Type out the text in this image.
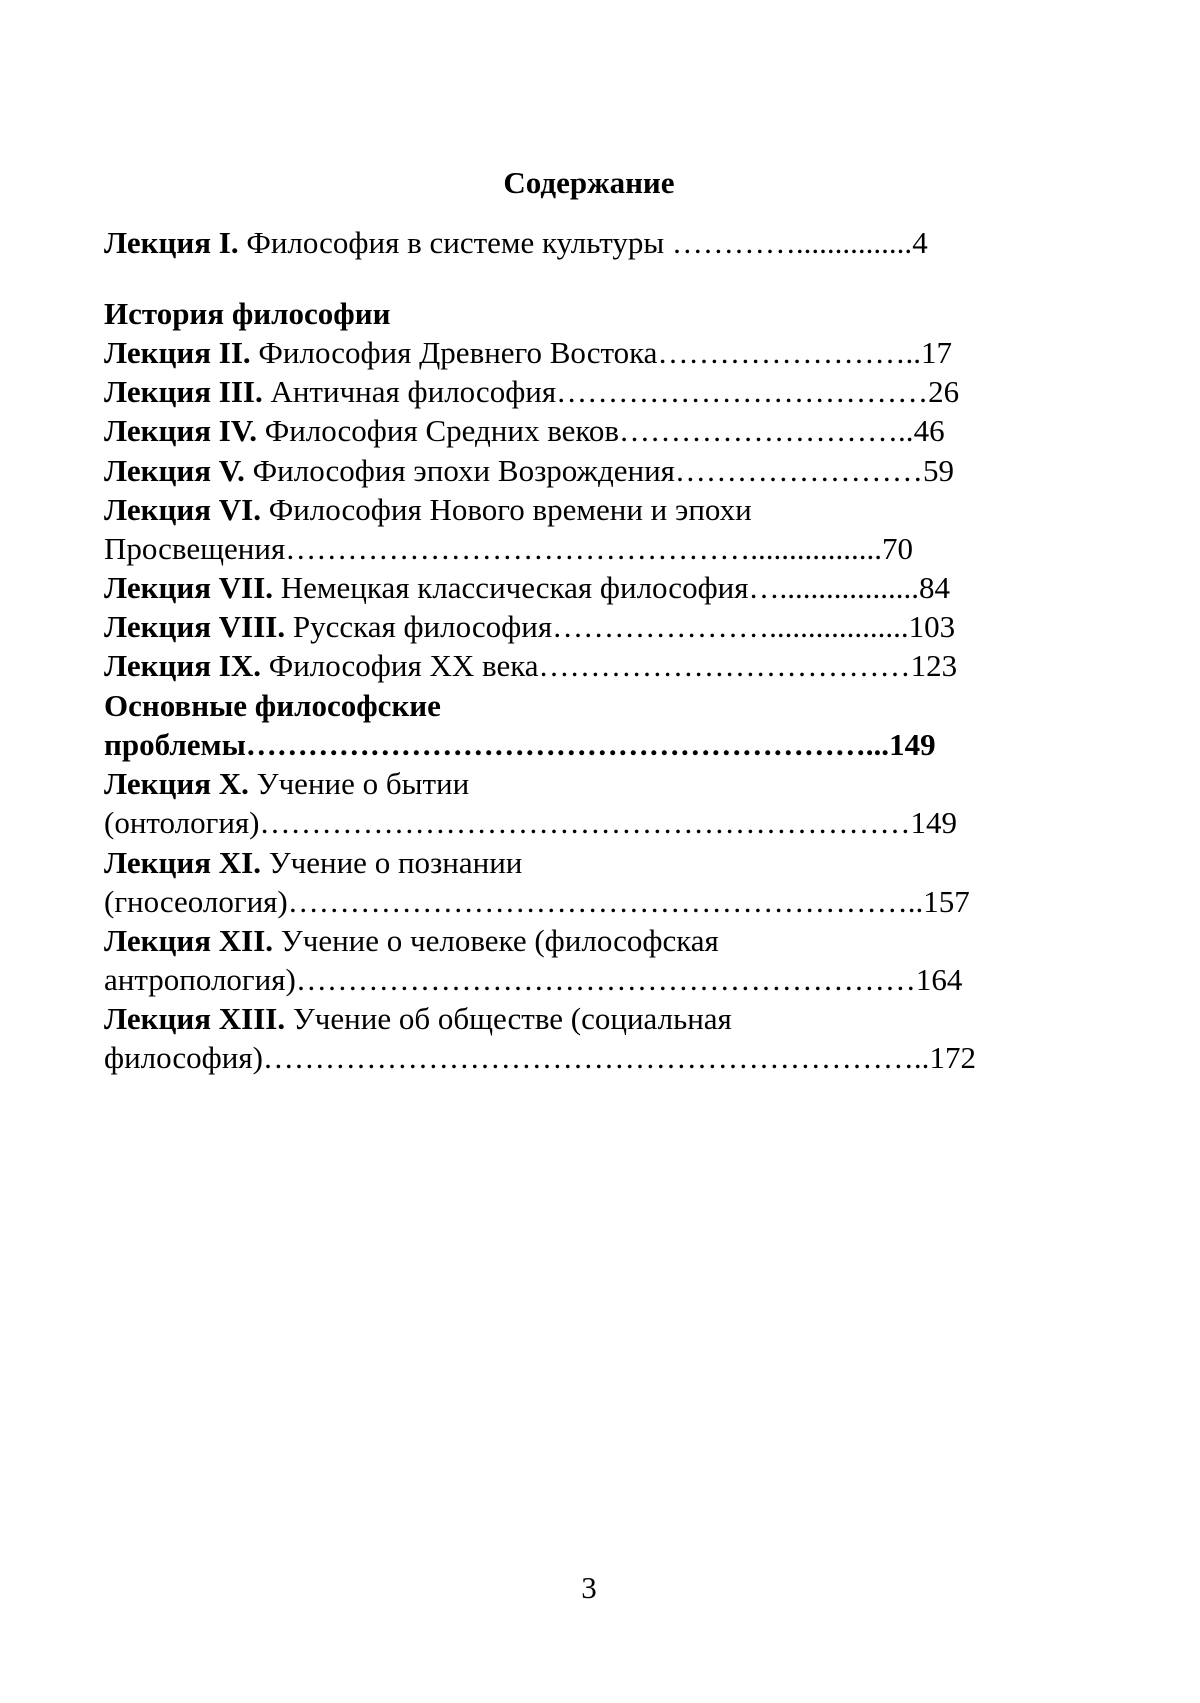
Содержание
Лекция I. Философия в системе культуры …………...............4
История философии
Лекция II. Философия Древнего Востока……………………..17
Лекция III. Античная философия………………………………26
Лекция IV. Философия Средних веков………………………..46
Лекция V. Философия эпохи Возрождения……………………59
Лекция VI. Философия Нового времени и эпохи
Просвещения……………………………………….................70
Лекция VII. Немецкая классическая философия…..................84
Лекция VIII. Русская философия…………………..................103
Лекция IX. Философия XX века………………………………123
Основные философские
проблемы……………………………………………………...149
Лекция X. Учение о бытии
(онтология)………………………………………………………149
Лекция XI. Учение о познании
(гносеология)……………………………………………………..157
Лекция XII. Учение о человеке (философская
антропология)……………………………………………………164
Лекция XIII. Учение об обществе (социальная
философия)………………………………………………………..172
3
